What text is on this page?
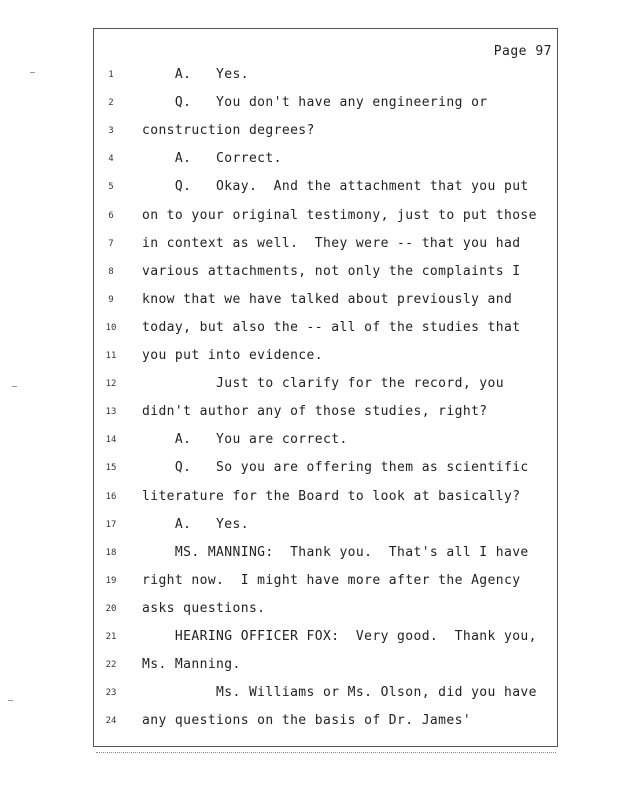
Page 97
1	A.   Yes.
2	Q.   You don't have any engineering or
3	construction degrees?
4	A.   Correct.
5	Q.   Okay.  And the attachment that you put
6	on to your original testimony, just to put those
7	in context as well.  They were -- that you had
8	various attachments, not only the complaints I
9	know that we have talked about previously and
10	today, but also the -- all of the studies that
11	you put into evidence.
12	Just to clarify for the record, you
13	didn't author any of those studies, right?
14	A.   You are correct.
15	Q.   So you are offering them as scientific
16	literature for the Board to look at basically?
17	A.   Yes.
18	MS. MANNING:  Thank you.  That's all I have
19	right now.  I might have more after the Agency
20	asks questions.
21	HEARING OFFICER FOX:  Very good.  Thank you,
22	Ms. Manning.
23	Ms. Williams or Ms. Olson, did you have
24	any questions on the basis of Dr. James'
